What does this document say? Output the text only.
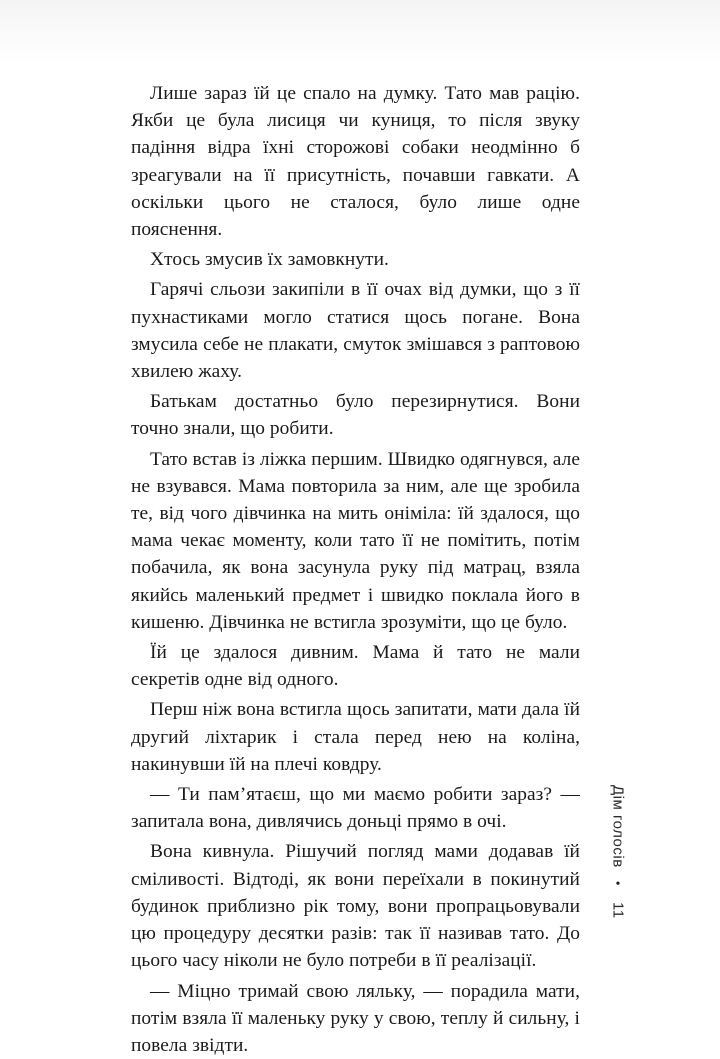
Лише зараз їй це спало на думку. Тато мав рацію. Якби це була лисиця чи куниця, то після звуку падіння відра їхні сторожові собаки неодмінно б зреагували на її присутність, почавши гавкати. А оскільки цього не сталося, було лише одне пояснення.

Хтось змусив їх замовкнути.

Гарячі сльози закипіли в її очах від думки, що з її пухнастиками могло статися щось погане. Вона змусила себе не плакати, смуток змішався з раптовою хвилею жаху.

Батькам достатньо було перезирнутися. Вони точно знали, що робити.

Тато встав із ліжка першим. Швидко одягнувся, але не взувався. Мама повторила за ним, але ще зробила те, від чого дівчинка на мить оніміла: їй здалося, що мама чекає моменту, коли тато її не помітить, потім побачила, як вона засунула руку під матрац, взяла якийсь маленький предмет і швидко поклала його в кишеню. Дівчинка не встигла зрозуміти, що це було.

Їй це здалося дивним. Мама й тато не мали секретів одне від одного.

Перш ніж вона встигла щось запитати, мати дала їй другий ліхтарик і стала перед нею на коліна, накинувши їй на плечі ковдру.

— Ти пам’ятаєш, що ми маємо робити зараз? — запитала вона, дивлячись доньці прямо в очі.

Вона кивнула. Рішучий погляд мами додавав їй сміливості. Відтоді, як вони переїхали в покинутий будинок приблизно рік тому, вони пропрацьовували цю процедуру десятки разів: так її називав тато. До цього часу ніколи не було потреби в її реалізації.

— Міцно тримай свою ляльку, — порадила мати, потім взяла її маленьку руку у свою, теплу й сильну, і повела звідти.

Дім голосів
•
11
